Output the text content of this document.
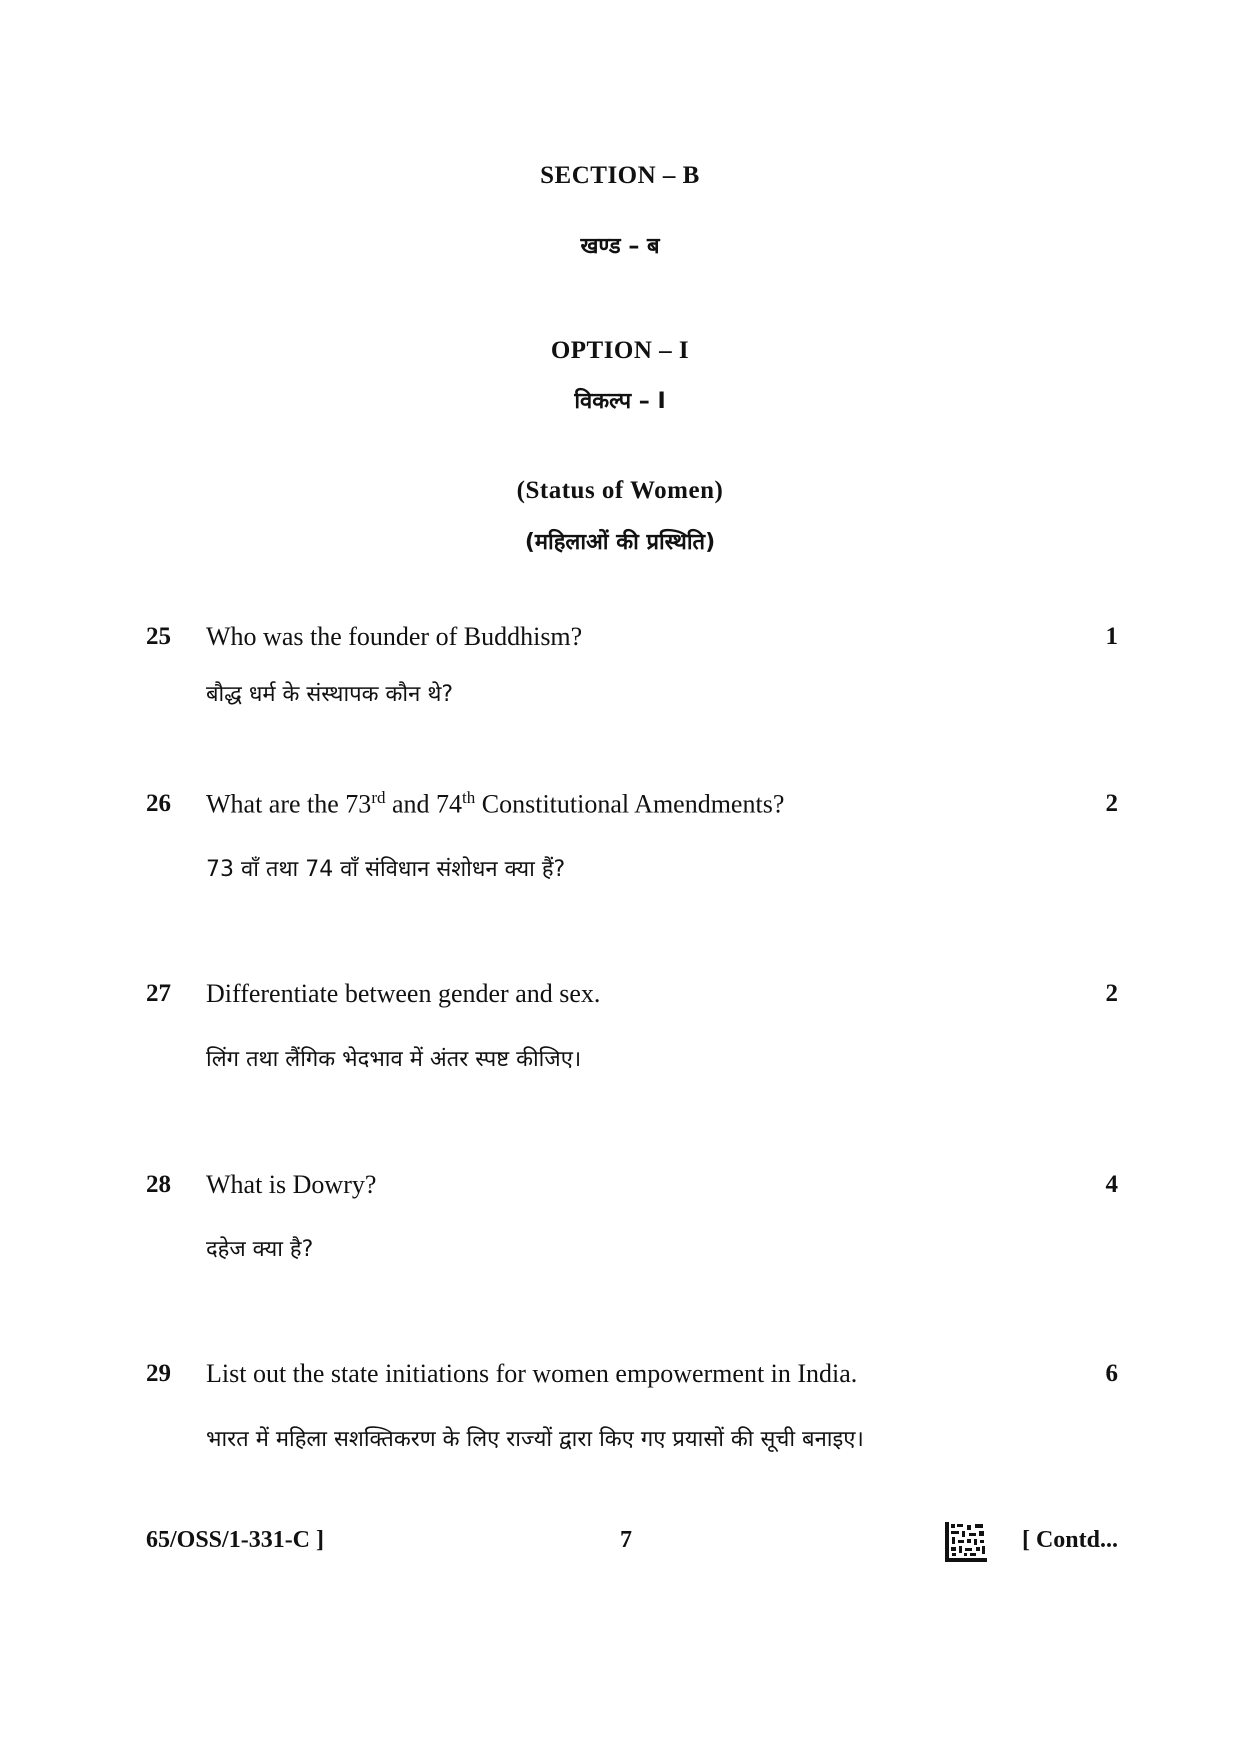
SECTION – B
खण्ड – ब
OPTION – I
विकल्प – I
(Status of Women)
(महिलाओं की प्रस्थिति)
25 Who was the founder of Buddhism?	1
बौद्ध धर्म के संस्थापक कौन थे?
26 What are the 73rd and 74th Constitutional Amendments?	2
73 वाँ तथा 74 वाँ संविधान संशोधन क्या हैं?
27 Differentiate between gender and sex.	2
लिंग तथा लैंगिक भेदभाव में अंतर स्पष्ट कीजिए।
28 What is Dowry?	4
दहेज क्या है?
29 List out the state initiations for women empowerment in India.	6
भारत में महिला सशक्तिकरण के लिए राज्यों द्वारा किए गए प्रयासों की सूची बनाइए।
65/OSS/1-331-C ]	7	[ Contd...
